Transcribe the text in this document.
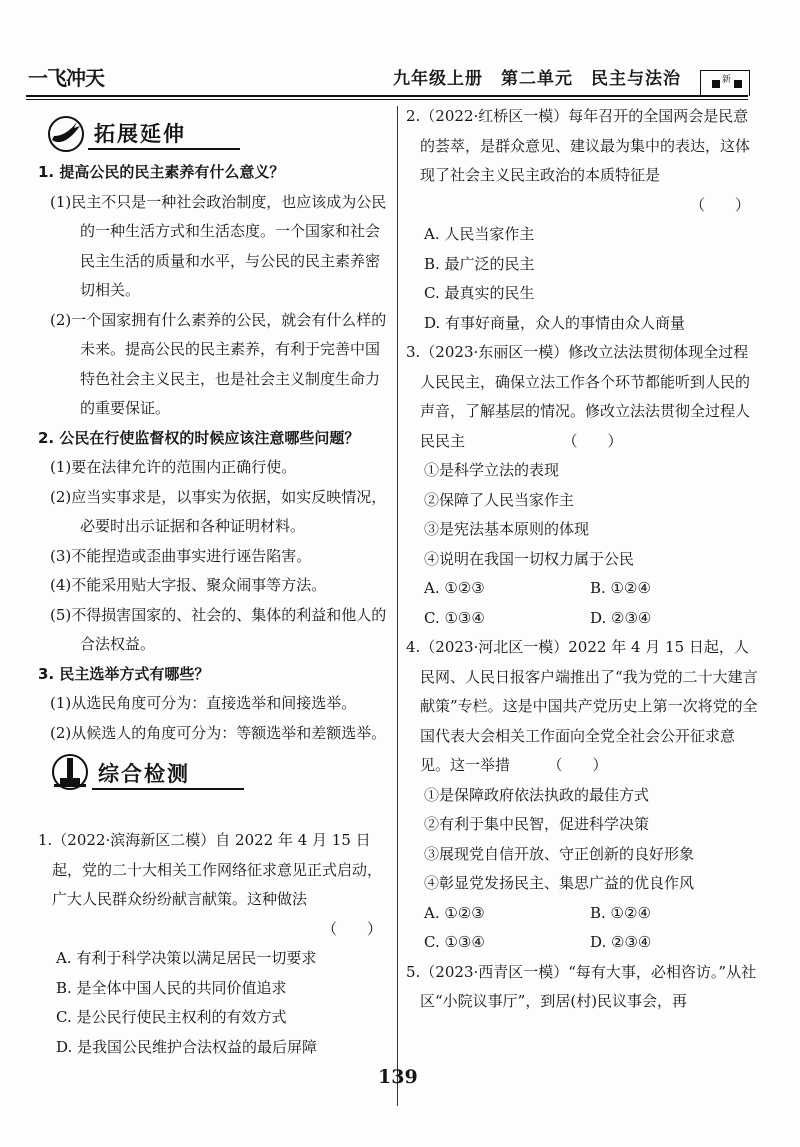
一飞冲天	九年级上册　第二单元　民主与法治	新
拓展延伸

1. 提高公民的民主素养有什么意义？

(1)民主不只是一种社会政治制度，也应该成为公民的一种生活方式和生活态度。一个国家和社会民主生活的质量和水平，与公民的民主素养密切相关。

(2)一个国家拥有什么素养的公民，就会有什么样的未来。提高公民的民主素养，有利于完善中国特色社会主义民主，也是社会主义制度生命力的重要保证。

2. 公民在行使监督权的时候应该注意哪些问题？

(1)要在法律允许的范围内正确行使。

(2)应当实事求是，以事实为依据，如实反映情况，必要时出示证据和各种证明材料。

(3)不能捏造或歪曲事实进行诬告陷害。

(4)不能采用贴大字报、聚众闹事等方法。

(5)不得损害国家的、社会的、集体的利益和他人的合法权益。

3. 民主选举方式有哪些？

(1)从选民角度可分为：直接选举和间接选举。

(2)从候选人的角度可分为：等额选举和差额选举。

综合检测

1.（2022·滨海新区二模）自 2022 年 4 月 15 日起，党的二十大相关工作网络征求意见正式启动，广大人民群众纷纷献言献策。这种做法

（　　）

A. 有利于科学决策以满足居民一切要求

B. 是全体中国人民的共同价值追求

C. 是公民行使民主权利的有效方式

D. 是我国公民维护合法权益的最后屏障

2.（2022·红桥区一模）每年召开的全国两会是民意的荟萃，是群众意见、建议最为集中的表达，这体现了社会主义民主政治的本质特征是

（　　）

A. 人民当家作主

B. 最广泛的民主

C. 最真实的民生

D. 有事好商量，众人的事情由众人商量

3.（2023·东丽区一模）修改立法法贯彻体现全过程人民民主，确保立法工作各个环节都能听到人民的声音，了解基层的情况。修改立法法贯彻全过程人民民主　　　　　　　（　　）

①是科学立法的表现

②保障了人民当家作主

③是宪法基本原则的体现

④说明在我国一切权力属于公民

A. ①②③	B. ①②④

C. ①③④	D. ②③④

4.（2023·河北区一模）2022 年 4 月 15 日起，人民网、人民日报客户端推出了“我为党的二十大建言献策”专栏。这是中国共产党历史上第一次将党的全国代表大会相关工作面向全党全社会公开征求意见。这一举措　　　（　　）

①是保障政府依法执政的最佳方式

②有利于集中民智，促进科学决策

③展现党自信开放、守正创新的良好形象

④彰显党发扬民主、集思广益的优良作风

A. ①②③	B. ①②④

C. ①③④	D. ②③④

5.（2023·西青区一模）“每有大事，必相咨访。”从社区“小院议事厅”，到居(村)民议事会，再

139
